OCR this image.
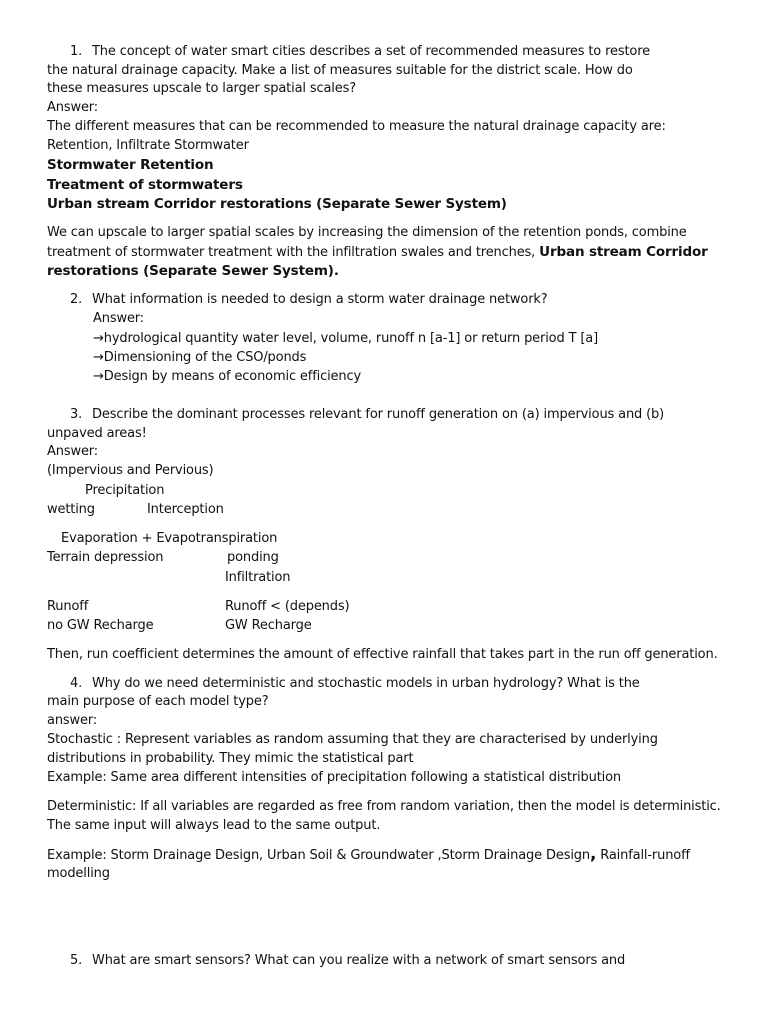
1. The concept of water smart cities describes a set of recommended measures to restore
the natural drainage capacity. Make a list of measures suitable for the district scale. How do
these measures upscale to larger spatial scales?
Answer:
The different measures that can be recommended to measure the natural drainage capacity are:
Retention, Infiltrate Stormwater
Stormwater Retention
Treatment of stormwaters
Urban stream Corridor restorations (Separate Sewer System)
We can upscale to larger spatial scales by increasing the dimension of the retention ponds, combine
treatment of stormwater treatment with the infiltration swales and trenches, Urban stream Corridor
restorations (Separate Sewer System).
2. What information is needed to design a storm water drainage network?
Answer:
→hydrological quantity water level, volume, runoff n [a-1] or return period T [a]
→Dimensioning of the CSO/ponds
→Design by means of economic efficiency
3. Describe the dominant processes relevant for runoff generation on (a) impervious and (b)
unpaved areas!
Answer:
(Impervious and Pervious)
Precipitation
wetting	Interception
Evaporation + Evapotranspiration
Terrain depression	ponding
Infiltration
Runoff	Runoff < (depends)
no GW Recharge	GW Recharge
Then, run coefficient determines the amount of effective rainfall that takes part in the run off generation.
4. Why do we need deterministic and stochastic models in urban hydrology? What is the
main purpose of each model type?
answer:
Stochastic : Represent variables as random assuming that they are characterised by underlying
distributions in probability. They mimic the statistical part
Example: Same area different intensities of precipitation following a statistical distribution
Deterministic: If all variables are regarded as free from random variation, then the model is deterministic.
The same input will always lead to the same output.
Example: Storm Drainage Design, Urban Soil & Groundwater ,Storm Drainage Design, Rainfall-runoff
modelling
5. What are smart sensors? What can you realize with a network of smart sensors and
